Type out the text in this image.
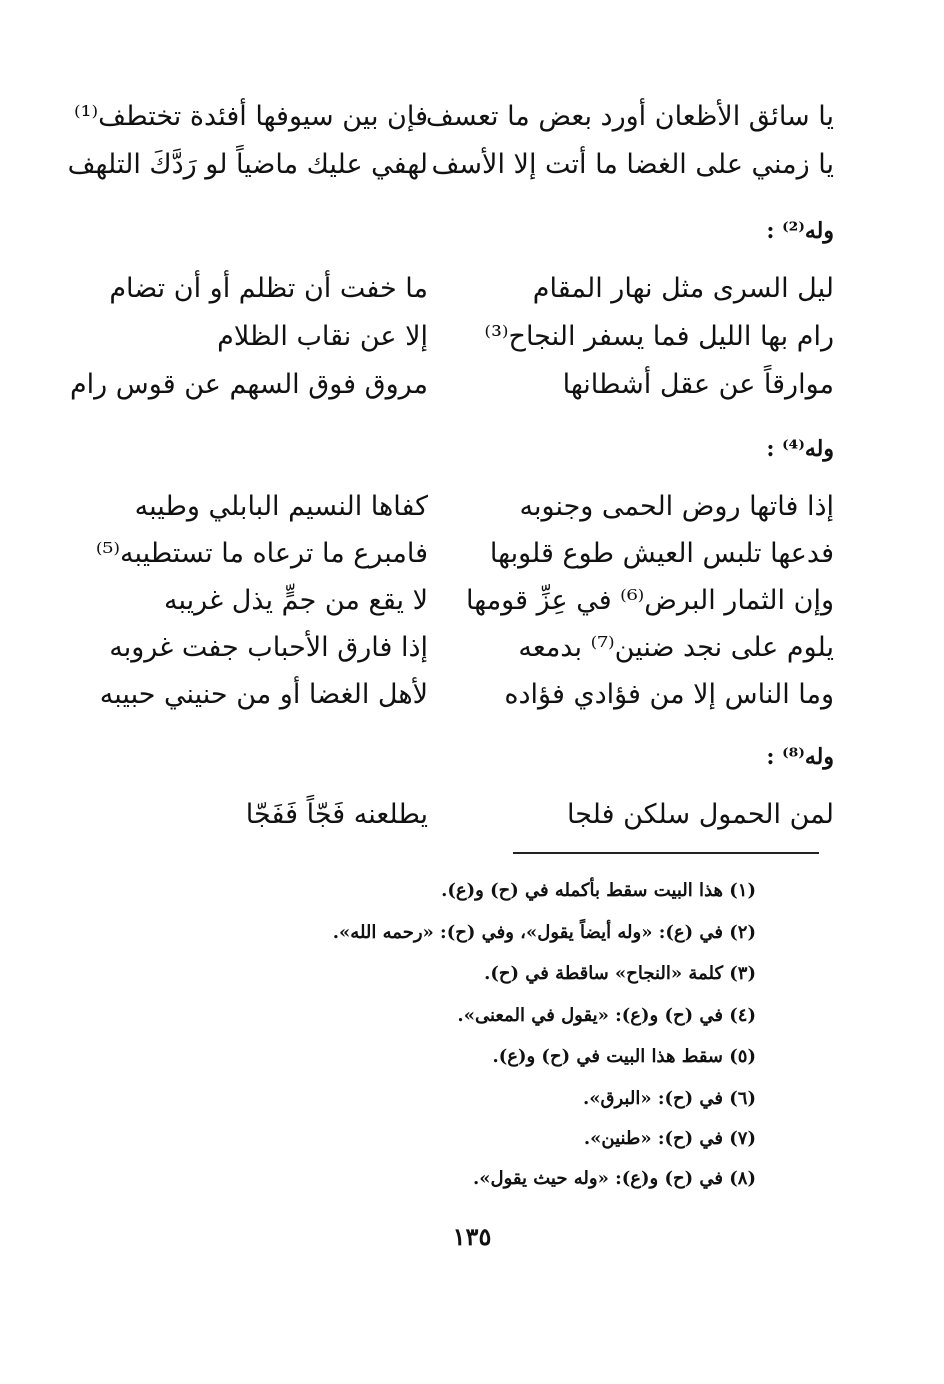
يا سائق الأظعان أورد بعض ما تعسف
يا زمني على الغضا ما أتت إلا الأسف
فإن بين سيوفها أفئدة تختطف⁽¹⁾
لهفي عليك ماضياً لو رَدَّكَ التلهف
وله⁽²⁾ :
ليل السرى مثل نهار المقام
رام بها الليل فما يسفر النجاح⁽³⁾
موارقاً عن عقل أشطانها
ما خفت أن تظلم أو أن تضام
إلا عن نقاب الظلام
مروق فوق السهم عن قوس رام
وله⁽⁴⁾ :
إذا فاتها روض الحمى وجنوبه
فدعها تلبس العيش طوع قلوبها
وإن الثمار البرض⁽⁶⁾ في عِزِّ قومها
يلوم على نجد ضنين⁽⁷⁾ بدمعه
وما الناس إلا من فؤادي فؤاده
كفاها النسيم البابلي وطيبه
فامبرع ما ترعاه ما تستطيبه⁽⁵⁾
لا يقع من جمٍّ يذل غريبه
إذا فارق الأحباب جفت غروبه
لأهل الغضا أو من حنيني حبيبه
وله⁽⁸⁾ :
لمن الحمول سلكن فلجا
يطلعنه فَجّاً فَفَجّا
(١) هذا البيت سقط بأكمله في (ح) و(ع).
(٢) في (ع): «وله أيضاً يقول»، وفي (ح): «رحمه الله».
(٣) كلمة «النجاح» ساقطة في (ح).
(٤) في (ح) و(ع): «يقول في المعنى».
(٥) سقط هذا البيت في (ح) و(ع).
(٦) في (ح): «البرق».
(٧) في (ح): «طنين».
(٨) في (ح) و(ع): «وله حيث يقول».
١٣٥
